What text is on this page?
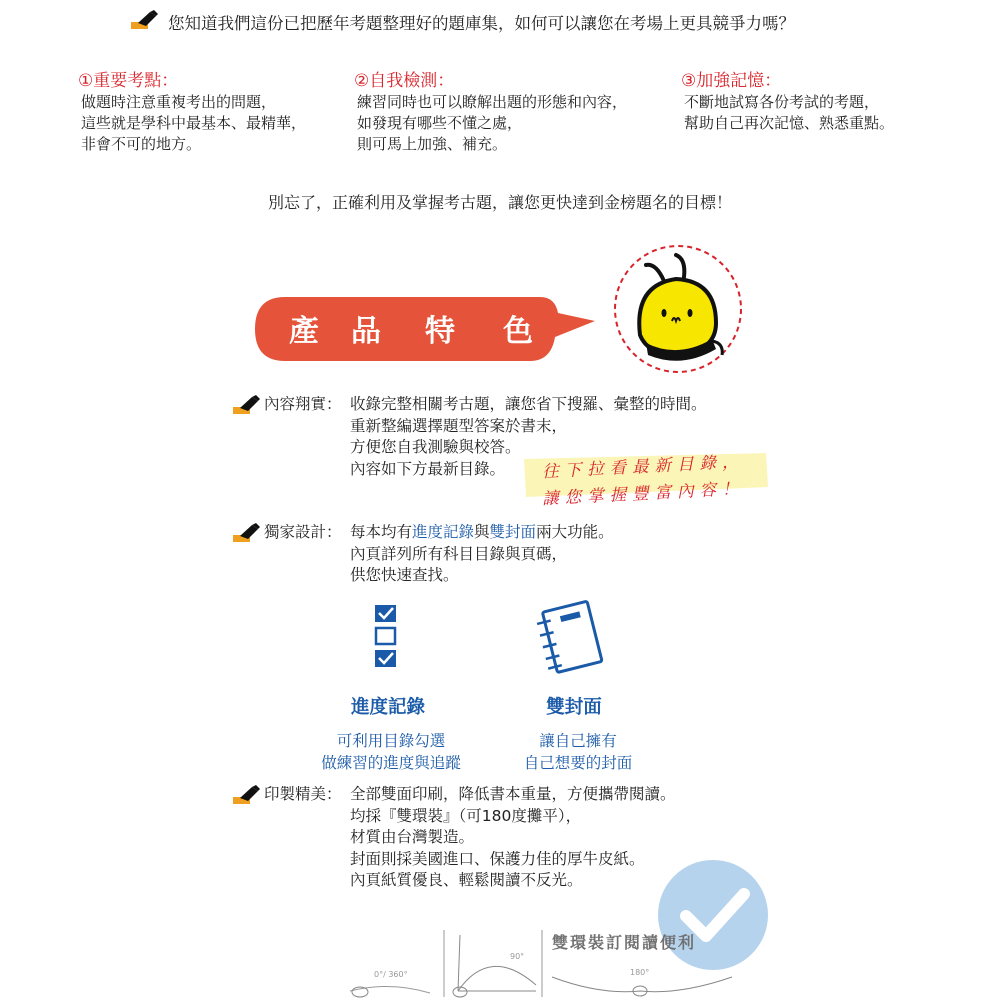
您知道我們這份已把歷年考題整理好的題庫集，如何可以讓您在考場上更具競爭力嗎？
①重要考點：
做題時注意重複考出的問題，
這些就是學科中最基本、最精華，
非會不可的地方。
②自我檢測：
練習同時也可以瞭解出題的形態和內容，
如發現有哪些不懂之處，
則可馬上加強、補充。
③加強記憶：
不斷地試寫各份考試的考題，
幫助自己再次記憶、熟悉重點。
別忘了，正確利用及掌握考古題，讓您更快達到金榜題名的目標！
產 品 特 色
內容翔實： 收錄完整相關考古題，讓您省下搜羅、彙整的時間。
重新整編選擇題型答案於書末，
方便您自我測驗與校答。
內容如下方最新目錄。	往下拉看最新目錄，
讓您掌握豐富內容！
獨家設計： 每本均有進度記錄與雙封面兩大功能。
內頁詳列所有科目目錄與頁碼，
供您快速查找。
進度記錄	雙封面
可利用目錄勾選
做練習的進度與追蹤
讓自己擁有
自己想要的封面
印製精美： 全部雙面印刷，降低書本重量，方便攜帶閱讀。
均採『雙環裝』（可180度攤平），
材質由台灣製造。
封面則採美國進口、保護力佳的厚牛皮紙。
內頁紙質優良、輕鬆閱讀不反光。
0°/ 360°
90°
180°
雙環裝訂閱讀便利
